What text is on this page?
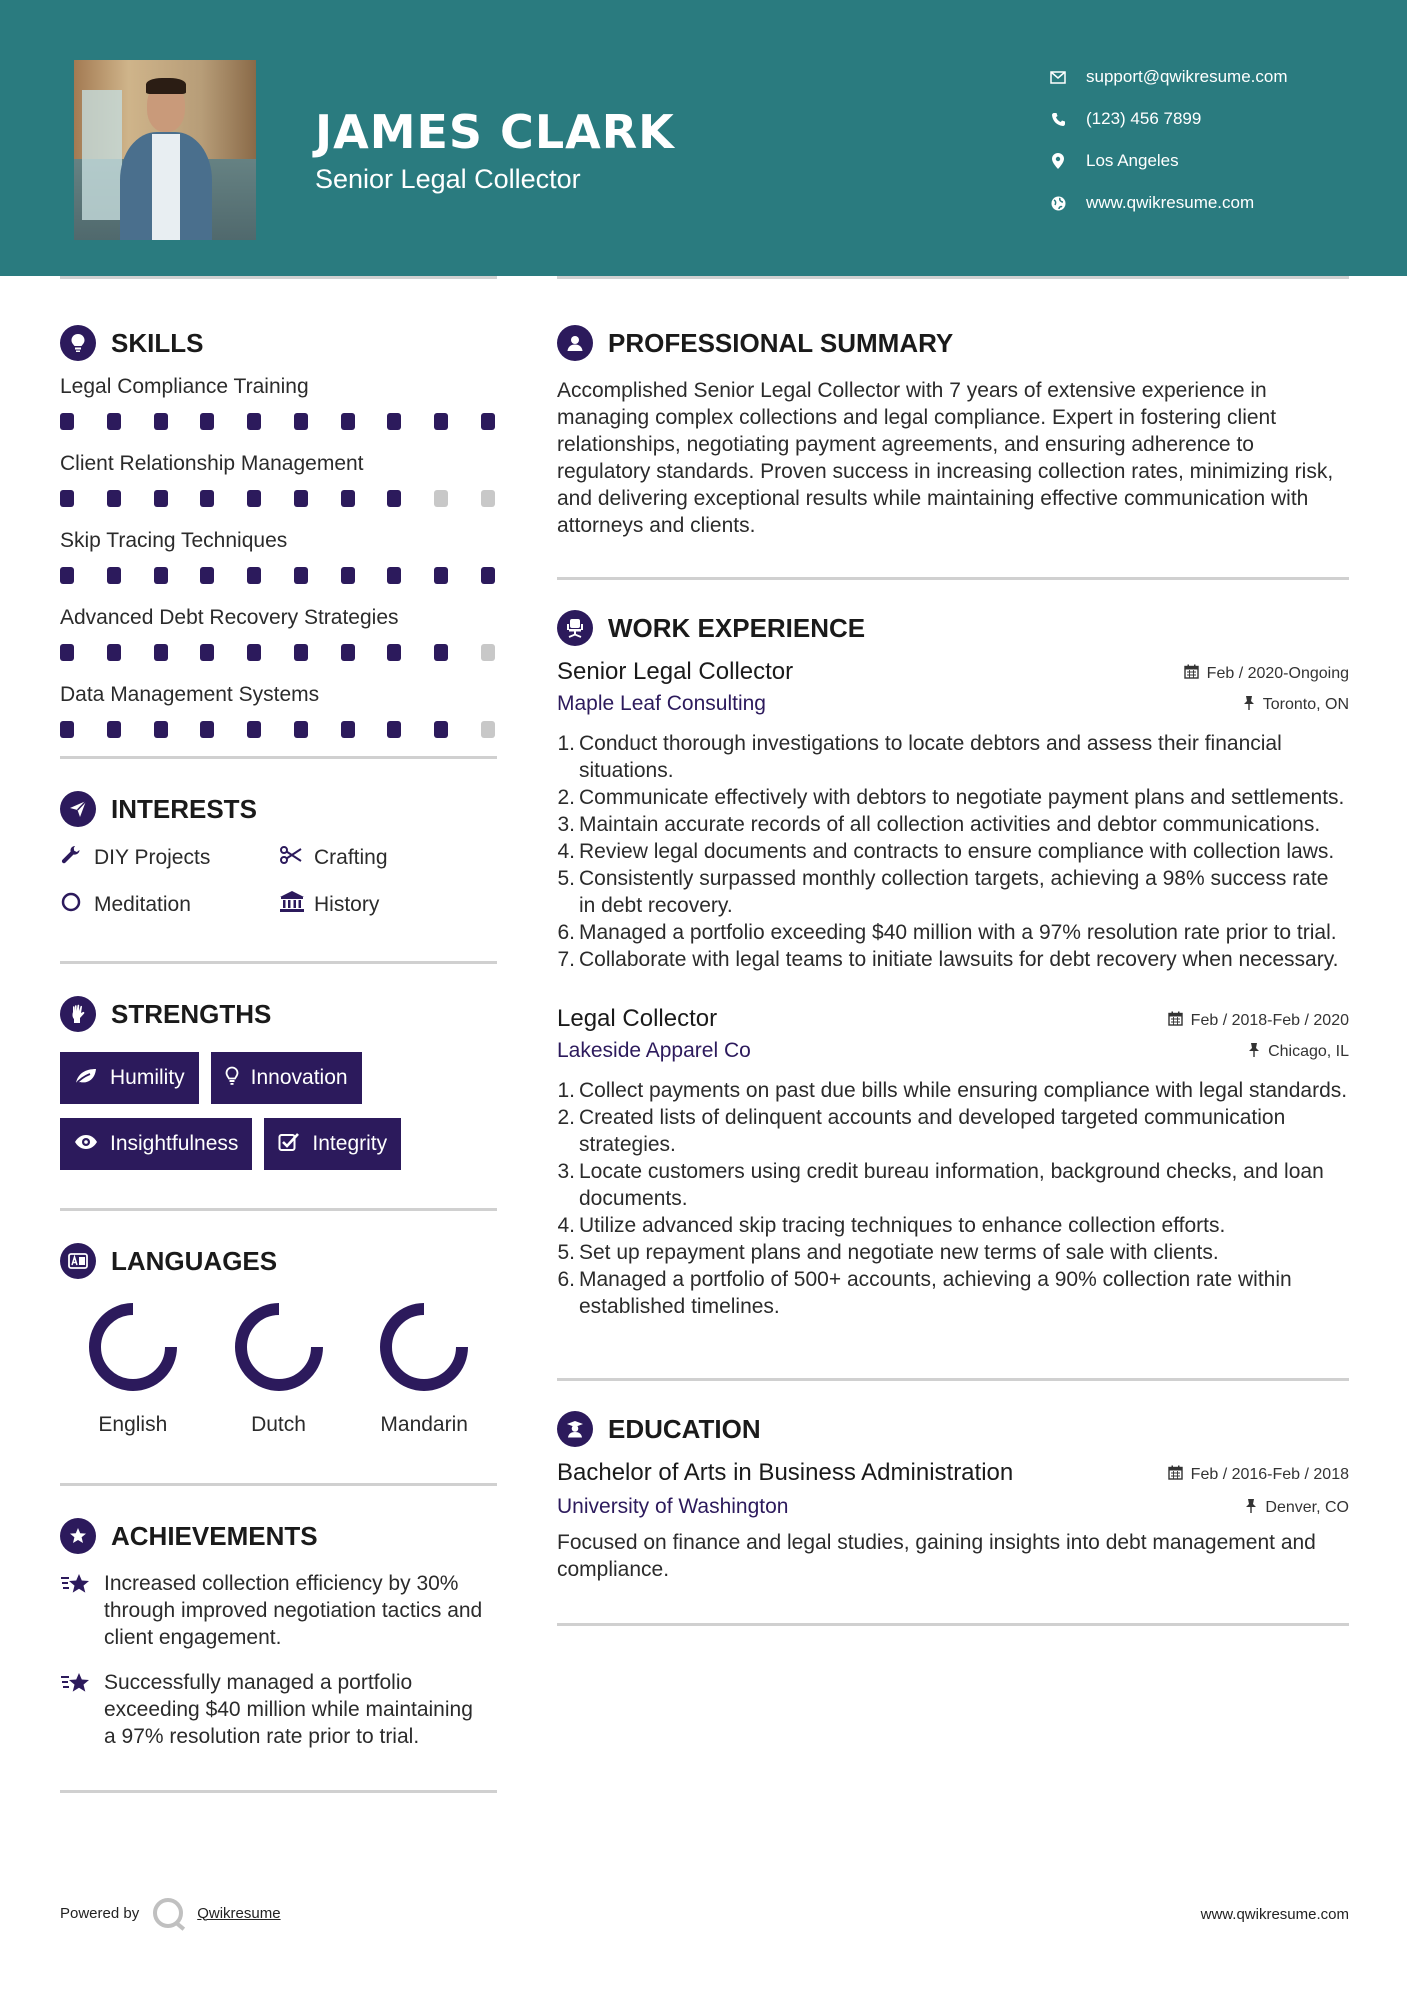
JAMES CLARK
Senior Legal Collector
support@qwikresume.com
(123) 456 7899
Los Angeles
www.qwikresume.com
SKILLS
Legal Compliance Training
Client Relationship Management
Skip Tracing Techniques
Advanced Debt Recovery Strategies
Data Management Systems
INTERESTS
DIY Projects	Crafting
Meditation	History
STRENGTHS
Humility	Innovation
Insightfulness	Integrity
LANGUAGES
English	Dutch	Mandarin
ACHIEVEMENTS
Increased collection efficiency by 30% through improved negotiation tactics and client engagement.
Successfully managed a portfolio exceeding $40 million while maintaining a 97% resolution rate prior to trial.
PROFESSIONAL SUMMARY

Accomplished Senior Legal Collector with 7 years of extensive experience in managing complex collections and legal compliance. Expert in fostering client relationships, negotiating payment agreements, and ensuring adherence to regulatory standards. Proven success in increasing collection rates, minimizing risk, and delivering exceptional results while maintaining effective communication with attorneys and clients.

WORK EXPERIENCE
Senior Legal Collector	Feb / 2020-Ongoing
Maple Leaf Consulting	Toronto, ON
1. Conduct thorough investigations to locate debtors and assess their financial situations.
2. Communicate effectively with debtors to negotiate payment plans and settlements.
3. Maintain accurate records of all collection activities and debtor communications.
4. Review legal documents and contracts to ensure compliance with collection laws.
5. Consistently surpassed monthly collection targets, achieving a 98% success rate in debt recovery.
6. Managed a portfolio exceeding $40 million with a 97% resolution rate prior to trial.
7. Collaborate with legal teams to initiate lawsuits for debt recovery when necessary.
Legal Collector	Feb / 2018-Feb / 2020
Lakeside Apparel Co	Chicago, IL
1. Collect payments on past due bills while ensuring compliance with legal standards.
2. Created lists of delinquent accounts and developed targeted communication strategies.
3. Locate customers using credit bureau information, background checks, and loan documents.
4. Utilize advanced skip tracing techniques to enhance collection efforts.
5. Set up repayment plans and negotiate new terms of sale with clients.
6. Managed a portfolio of 500+ accounts, achieving a 90% collection rate within established timelines.
EDUCATION
Bachelor of Arts in Business Administration	Feb / 2016-Feb / 2018
University of Washington	Denver, CO

Focused on finance and legal studies, gaining insights into debt management and compliance.

Powered by	Qwikresume	www.qwikresume.com
